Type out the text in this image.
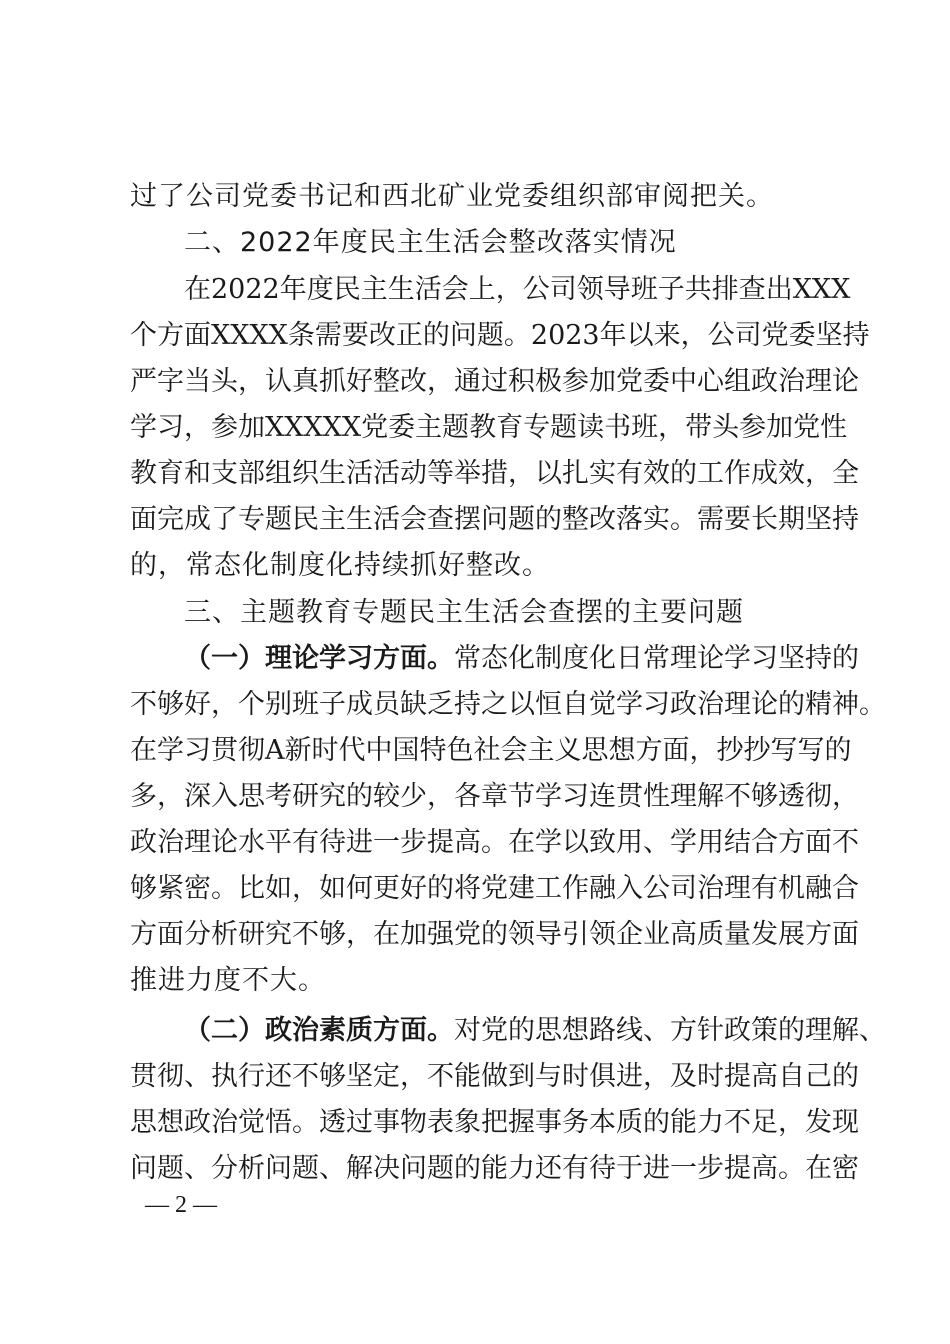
过了公司党委书记和西北矿业党委组织部审阅把关。
二、2022年度民主生活会整改落实情况
在2022年度民主生活会上，公司领导班子共排查出XXX
个方面XXXX条需要改正的问题。2023年以来，公司党委坚持
严字当头，认真抓好整改，通过积极参加党委中心组政治理论
学习，参加XXXXX党委主题教育专题读书班，带头参加党性
教育和支部组织生活活动等举措，以扎实有效的工作成效，全
面完成了专题民主生活会查摆问题的整改落实。需要长期坚持
的，常态化制度化持续抓好整改。
三、主题教育专题民主生活会查摆的主要问题
（一）理论学习方面。常态化制度化日常理论学习坚持的
不够好，个别班子成员缺乏持之以恒自觉学习政治理论的精神。
在学习贯彻A新时代中国特色社会主义思想方面，抄抄写写的
多，深入思考研究的较少，各章节学习连贯性理解不够透彻，
政治理论水平有待进一步提高。在学以致用、学用结合方面不
够紧密。比如，如何更好的将党建工作融入公司治理有机融合
方面分析研究不够，在加强党的领导引领企业高质量发展方面
推进力度不大。
（二）政治素质方面。对党的思想路线、方针政策的理解、
贯彻、执行还不够坚定，不能做到与时俱进，及时提高自己的
思想政治觉悟。透过事物表象把握事务本质的能力不足，发现
问题、分析问题、解决问题的能力还有待于进一步提高。在密
— 2 —
